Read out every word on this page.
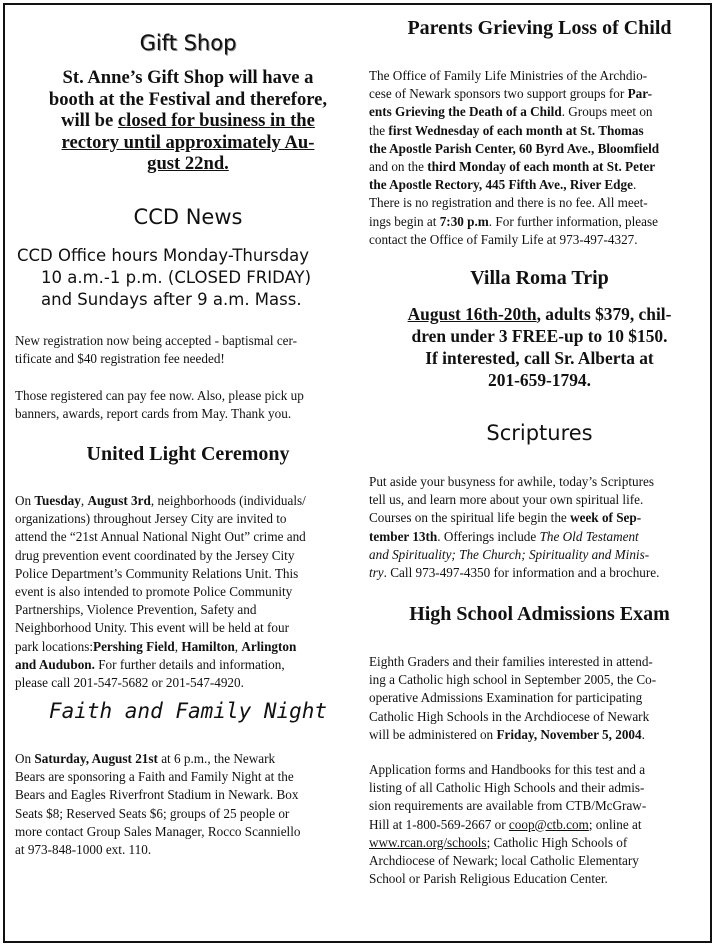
Gift Shop
St. Anne’s Gift Shop will have a
booth at the Festival and therefore,
will be closed for business in the
rectory until approximately Au-
gust 22nd.
CCD News
CCD Office hours Monday-Thursday
10 a.m.-1 p.m. (CLOSED FRIDAY)
and Sundays after 9 a.m. Mass.
New registration now being accepted - baptismal cer-
tificate and $40 registration fee needed!
Those registered can pay fee now. Also, please pick up
banners, awards, report cards from May. Thank you.
United Light Ceremony
On Tuesday, August 3rd, neighborhoods (individuals/
organizations) throughout Jersey City are invited to
attend the “21st Annual National Night Out” crime and
drug prevention event coordinated by the Jersey City
Police Department’s Community Relations Unit. This
event is also intended to promote Police Community
Partnerships, Violence Prevention, Safety and
Neighborhood Unity. This event will be held at four
park locations:Pershing Field, Hamilton, Arlington
and Audubon. For further details and information,
please call 201-547-5682 or 201-547-4920.
Faith and Family Night
On Saturday, August 21st at 6 p.m., the Newark
Bears are sponsoring a Faith and Family Night at the
Bears and Eagles Riverfront Stadium in Newark. Box
Seats $8; Reserved Seats $6; groups of 25 people or
more contact Group Sales Manager, Rocco Scanniello
at 973-848-1000 ext. 110.
Parents Grieving Loss of Child
The Office of Family Life Ministries of the Archdio-
cese of Newark sponsors two support groups for Par-
ents Grieving the Death of a Child. Groups meet on
the first Wednesday of each month at St. Thomas
the Apostle Parish Center, 60 Byrd Ave., Bloomfield
and on the third Monday of each month at St. Peter
the Apostle Rectory, 445 Fifth Ave., River Edge.
There is no registration and there is no fee. All meet-
ings begin at 7:30 p.m. For further information, please
contact the Office of Family Life at 973-497-4327.
Villa Roma Trip
August 16th-20th, adults $379, chil-
dren under 3 FREE-up to 10 $150.
If interested, call Sr. Alberta at
201-659-1794.
Scriptures
Put aside your busyness for awhile, today’s Scriptures
tell us, and learn more about your own spiritual life.
Courses on the spiritual life begin the week of Sep-
tember 13th. Offerings include The Old Testament
and Spirituality; The Church; Spirituality and Minis-
try. Call 973-497-4350 for information and a brochure.
High School Admissions Exam
Eighth Graders and their families interested in attend-
ing a Catholic high school in September 2005, the Co-
operative Admissions Examination for participating
Catholic High Schools in the Archdiocese of Newark
will be administered on Friday, November 5, 2004.
Application forms and Handbooks for this test and a
listing of all Catholic High Schools and their admis-
sion requirements are available from CTB/McGraw-
Hill at 1-800-569-2667 or coop@ctb.com; online at
www.rcan.org/schools; Catholic High Schools of
Archdiocese of Newark; local Catholic Elementary
School or Parish Religious Education Center.
